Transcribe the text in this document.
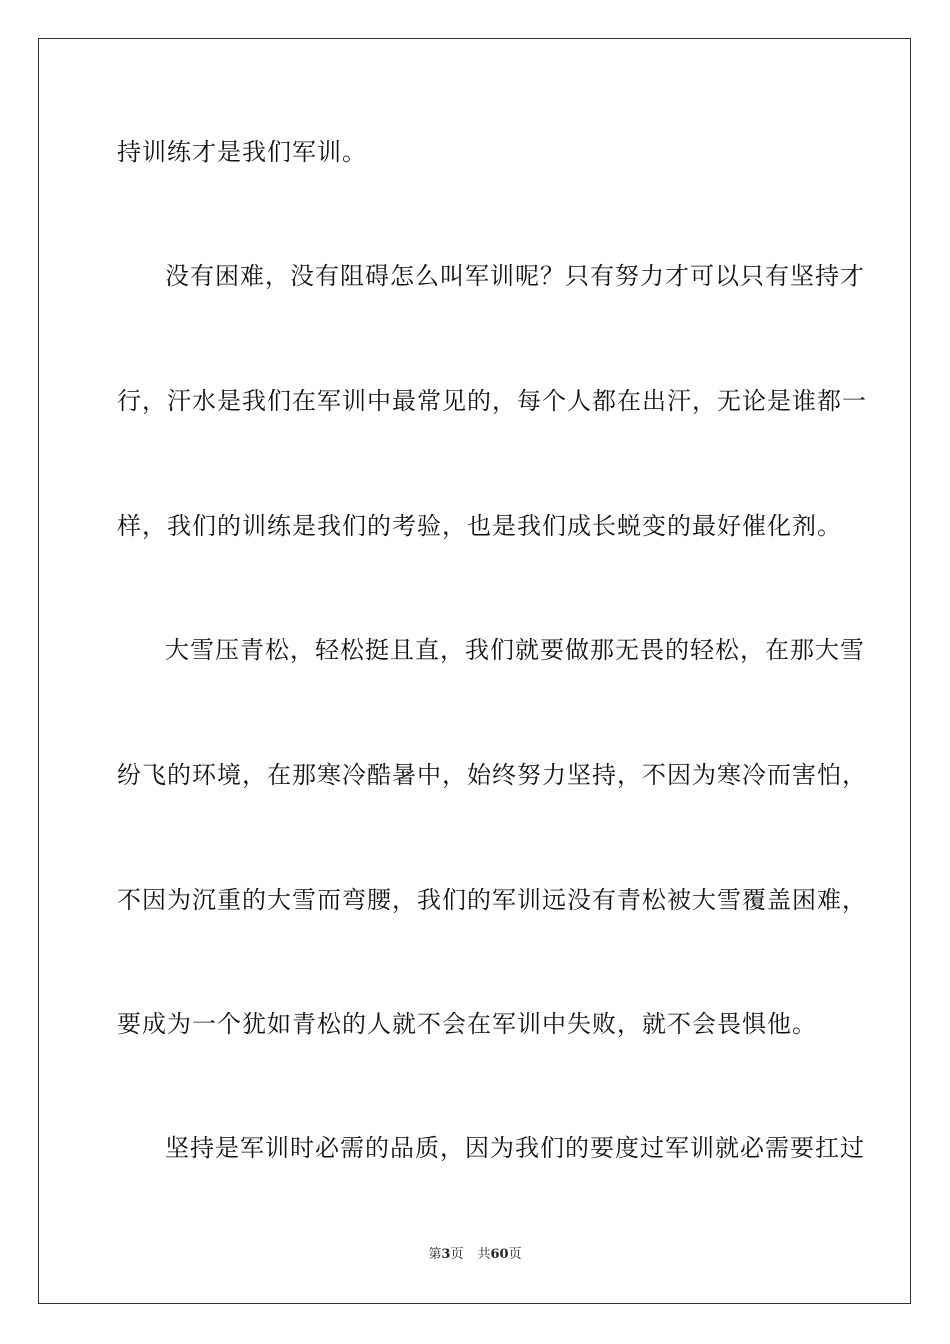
持训练才是我们军训。
没有困难，没有阻碍怎么叫军训呢？只有努力才可以只有坚持才
行，汗水是我们在军训中最常见的，每个人都在出汗，无论是谁都一
样，我们的训练是我们的考验，也是我们成长蜕变的最好催化剂。
大雪压青松，轻松挺且直，我们就要做那无畏的轻松，在那大雪
纷飞的环境，在那寒冷酷暑中，始终努力坚持，不因为寒冷而害怕，
不因为沉重的大雪而弯腰，我们的军训远没有青松被大雪覆盖困难，
要成为一个犹如青松的人就不会在军训中失败，就不会畏惧他。
坚持是军训时必需的品质，因为我们的要度过军训就必需要扛过
第3页 共60页
